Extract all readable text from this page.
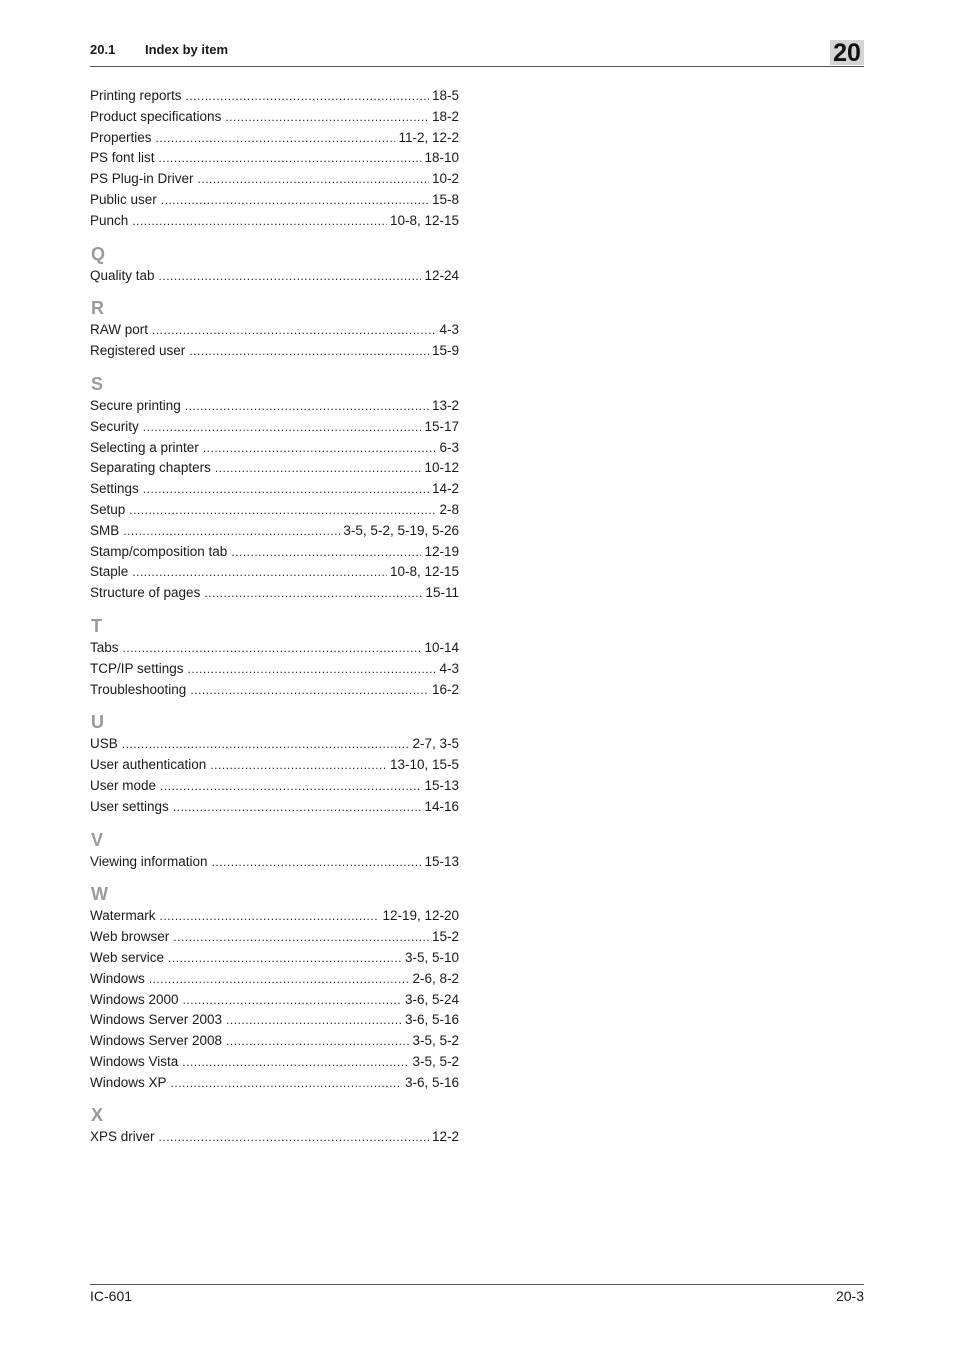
20.1 Index by item	20
Printing reports .....	18-5
Product specifications .....	18-2
Properties .....	11-2, 12-2
PS font list .....	18-10
PS Plug-in Driver .....	10-2
Public user .....	15-8
Punch .....	10-8, 12-15
Q
Quality tab .....	12-24
R
RAW port .....	4-3
Registered user .....	15-9
S
Secure printing .....	13-2
Security .....	15-17
Selecting a printer .....	6-3
Separating chapters .....	10-12
Settings .....	14-2
Setup .....	2-8
SMB .....	3-5, 5-2, 5-19, 5-26
Stamp/composition tab .....	12-19
Staple .....	10-8, 12-15
Structure of pages .....	15-11
T
Tabs .....	10-14
TCP/IP settings .....	4-3
Troubleshooting .....	16-2
U
USB .....	2-7, 3-5
User authentication .....	13-10, 15-5
User mode .....	15-13
User settings .....	14-16
V
Viewing information .....	15-13
W
Watermark .....	12-19, 12-20
Web browser .....	15-2
Web service .....	3-5, 5-10
Windows .....	2-6, 8-2
Windows 2000 .....	3-6, 5-24
Windows Server 2003 .....	3-6, 5-16
Windows Server 2008 .....	3-5, 5-2
Windows Vista .....	3-5, 5-2
Windows XP .....	3-6, 5-16
X
XPS driver .....	12-2
IC-601	20-3
